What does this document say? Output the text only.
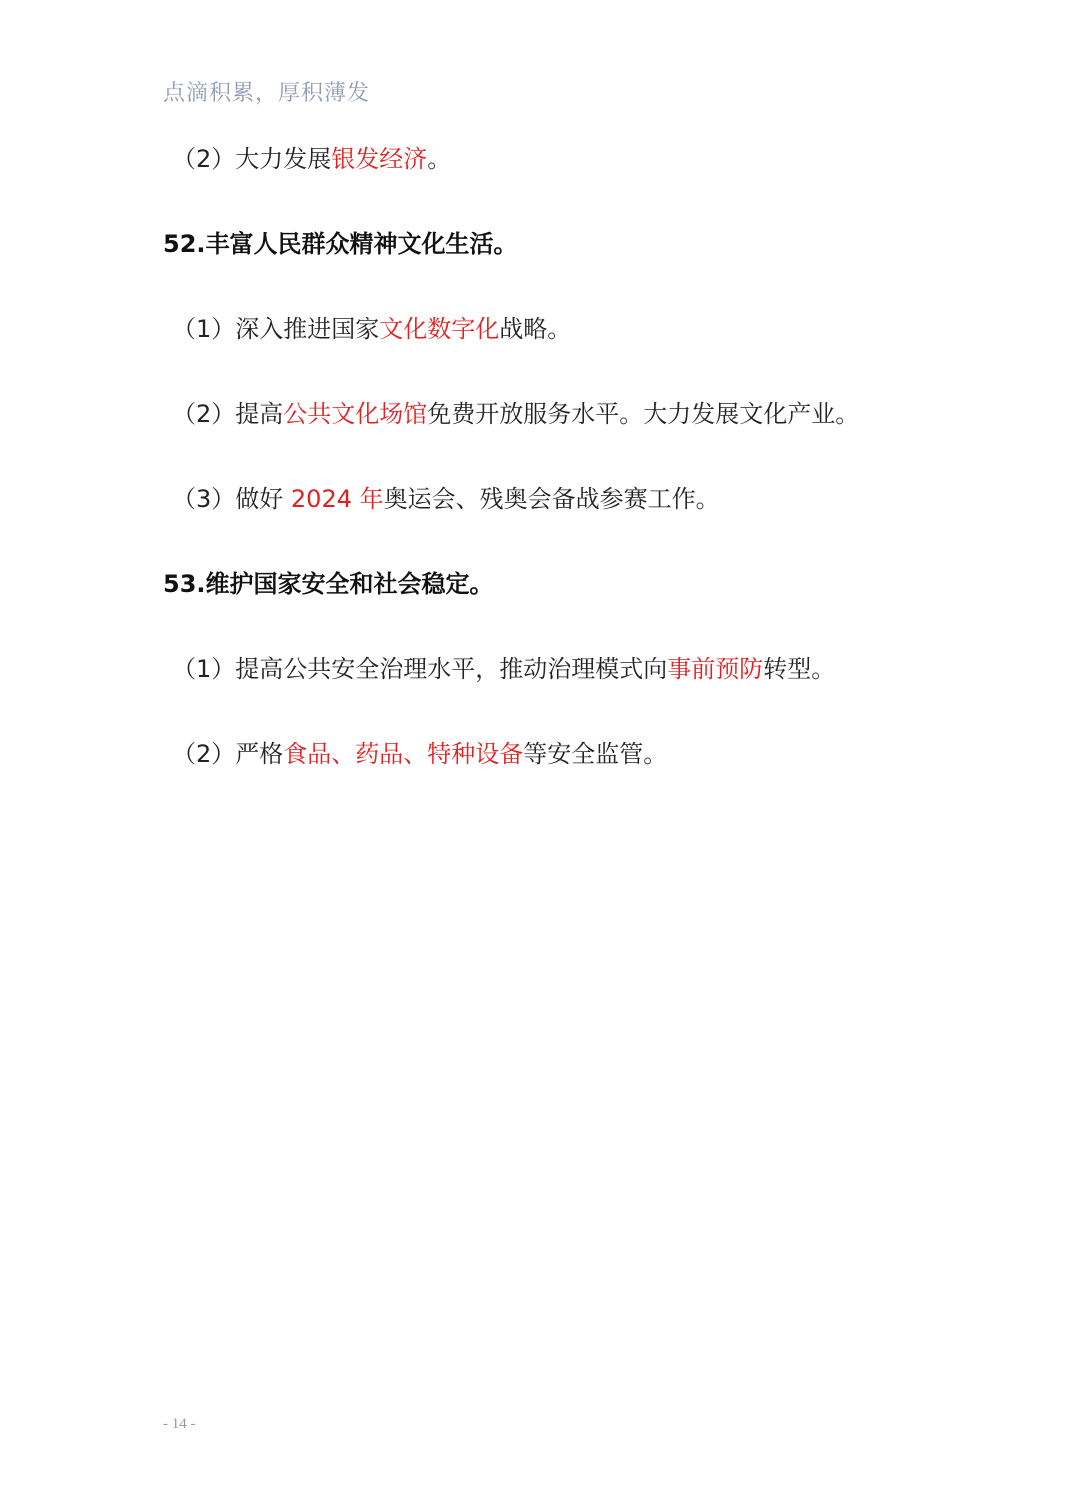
点滴积累，厚积薄发
（2）大力发展银发经济。
52.丰富人民群众精神文化生活。
（1）深入推进国家文化数字化战略。
（2）提高公共文化场馆免费开放服务水平。大力发展文化产业。
（3）做好 2024 年奥运会、残奥会备战参赛工作。
53.维护国家安全和社会稳定。
（1）提高公共安全治理水平，推动治理模式向事前预防转型。
（2）严格食品、药品、特种设备等安全监管。
- 14 -
